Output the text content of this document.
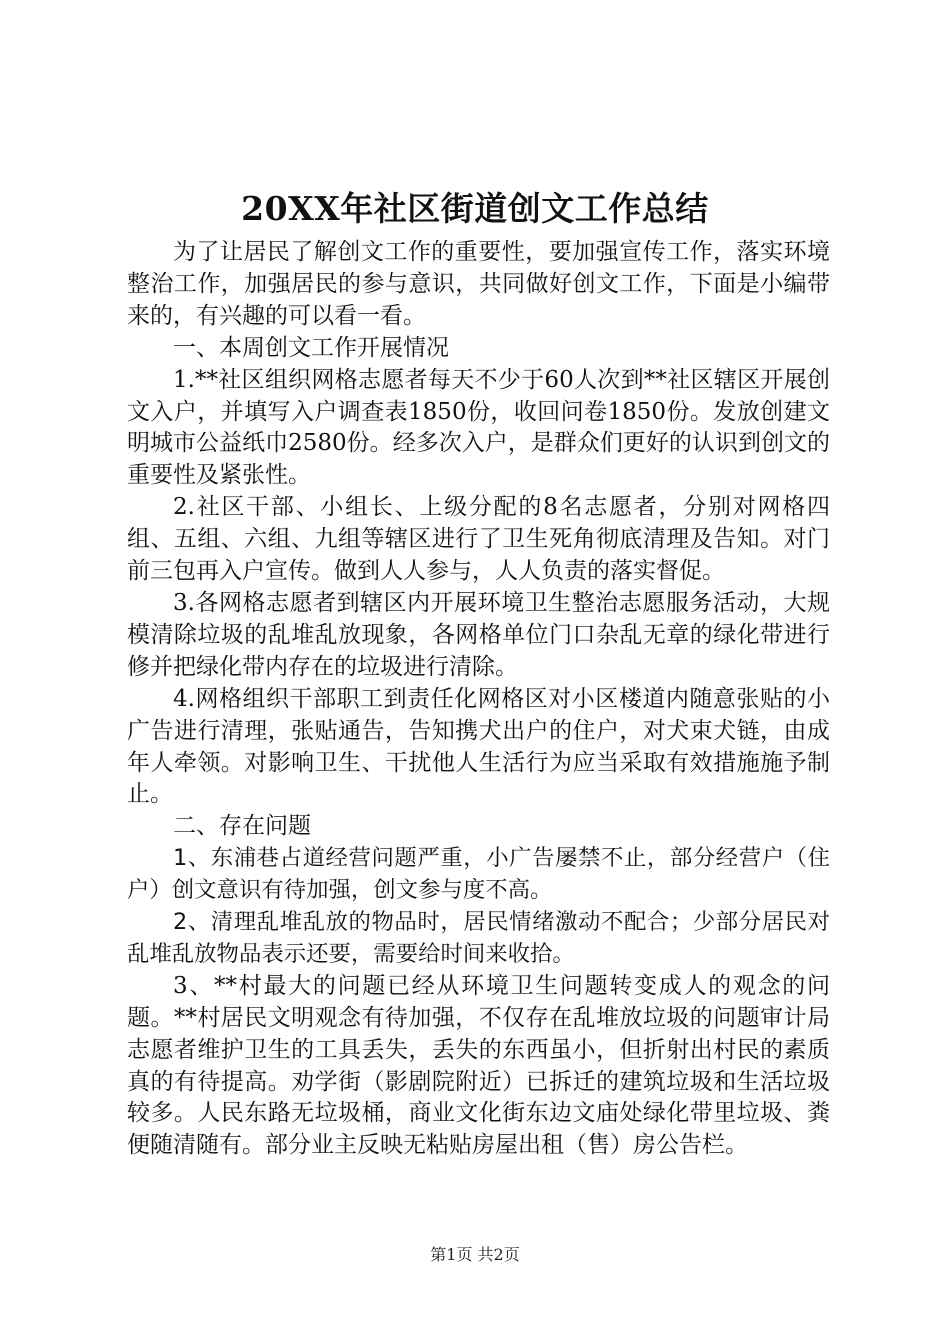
20XX年社区街道创文工作总结

为了让居民了解创文工作的重要性，要加强宣传工作，落实环境整治工作，加强居民的参与意识，共同做好创文工作，下面是小编带来的，有兴趣的可以看一看。

一、本周创文工作开展情况

1.**社区组织网格志愿者每天不少于60人次到**社区辖区开展创文入户，并填写入户调查表1850份，收回问卷1850份。发放创建文明城市公益纸巾2580份。经多次入户，是群众们更好的认识到创文的重要性及紧张性。

2.社区干部、小组长、上级分配的8名志愿者，分别对网格四组、五组、六组、九组等辖区进行了卫生死角彻底清理及告知。对门前三包再入户宣传。做到人人参与，人人负责的落实督促。

3.各网格志愿者到辖区内开展环境卫生整治志愿服务活动，大规模清除垃圾的乱堆乱放现象，各网格单位门口杂乱无章的绿化带进行修并把绿化带内存在的垃圾进行清除。

4.网格组织干部职工到责任化网格区对小区楼道内随意张贴的小广告进行清理，张贴通告，告知携犬出户的住户，对犬束犬链，由成年人牵领。对影响卫生、干扰他人生活行为应当采取有效措施施予制止。

二、存在问题

1、东浦巷占道经营问题严重，小广告屡禁不止，部分经营户（住户）创文意识有待加强，创文参与度不高。

2、清理乱堆乱放的物品时，居民情绪激动不配合；少部分居民对乱堆乱放物品表示还要，需要给时间来收拾。

3、**村最大的问题已经从环境卫生问题转变成人的观念的问题。**村居民文明观念有待加强，不仅存在乱堆放垃圾的问题审计局志愿者维护卫生的工具丢失，丢失的东西虽小，但折射出村民的素质真的有待提高。劝学街（影剧院附近）已拆迁的建筑垃圾和生活垃圾较多。人民东路无垃圾桶，商业文化街东边文庙处绿化带里垃圾、粪便随清随有。部分业主反映无粘贴房屋出租（售）房公告栏。

第1页 共2页
